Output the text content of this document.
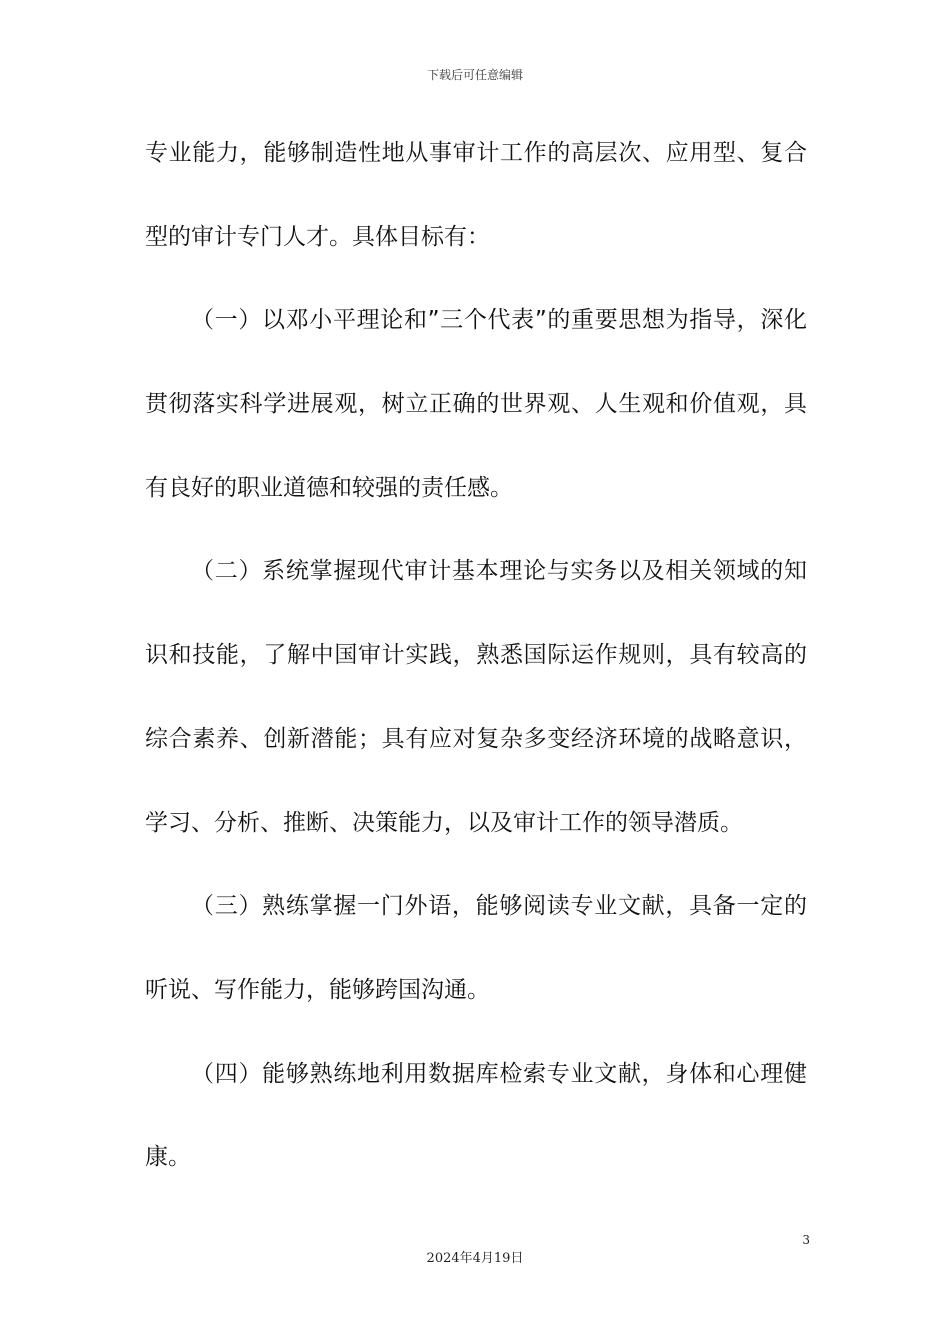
下载后可任意编辑
专业能力，能够制造性地从事审计工作的高层次、应用型、复合
型的审计专门人才。具体目标有：
（一）以邓小平理论和”三个代表”的重要思想为指导，深化
贯彻落实科学进展观，树立正确的世界观、人生观和价值观，具
有良好的职业道德和较强的责任感。
（二）系统掌握现代审计基本理论与实务以及相关领域的知
识和技能，了解中国审计实践，熟悉国际运作规则，具有较高的
综合素养、创新潜能；具有应对复杂多变经济环境的战略意识，
学习、分析、推断、决策能力，以及审计工作的领导潜质。
（三）熟练掌握一门外语，能够阅读专业文献，具备一定的
听说、写作能力，能够跨国沟通。
（四）能够熟练地利用数据库检索专业文献，身体和心理健
康。
3
2024年4月19日
